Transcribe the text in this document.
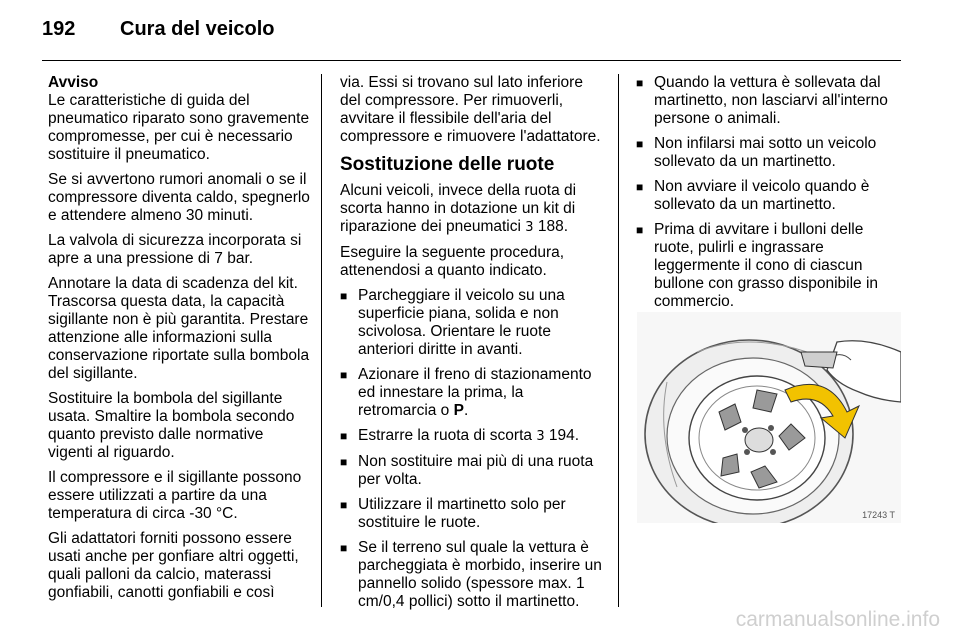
192	Cura del veicolo
Avviso

Le caratteristiche di guida del pneumatico riparato sono gravemente compromesse, per cui è necessario sostituire il pneumatico.

Se si avvertono rumori anomali o se il compressore diventa caldo, spegnerlo e attendere almeno 30 minuti.

La valvola di sicurezza incorporata si apre a una pressione di 7 bar.

Annotare la data di scadenza del kit. Trascorsa questa data, la capacità sigillante non è più garantita. Prestare attenzione alle informazioni sulla conservazione riportate sulla bombola del sigillante.

Sostituire la bombola del sigillante usata. Smaltire la bombola secondo quanto previsto dalle normative vigenti al riguardo.

Il compressore e il sigillante possono essere utilizzati a partire da una temperatura di circa -30 °C.

Gli adattatori forniti possono essere usati anche per gonfiare altri oggetti, quali palloni da calcio, materassi gonfiabili, canotti gonfiabili e così

via. Essi si trovano sul lato inferiore del compressore. Per rimuoverli, avvitare il flessibile dell'aria del compressore e rimuovere l'adattatore.

Sostituzione delle ruote

Alcuni veicoli, invece della ruota di scorta hanno in dotazione un kit di riparazione dei pneumatici 3 188.

Eseguire la seguente procedura, attenendosi a quanto indicato.

■ Parcheggiare il veicolo su una superficie piana, solida e non scivolosa. Orientare le ruote anteriori diritte in avanti.
■ Azionare il freno di stazionamento ed innestare la prima, la retromarcia o P.
■ Estrarre la ruota di scorta 3 194.
■ Non sostituire mai più di una ruota per volta.
■ Utilizzare il martinetto solo per sostituire le ruote.
■ Se il terreno sul quale la vettura è parcheggiata è morbido, inserire un pannello solido (spessore max. 1 cm/0,4 pollici) sotto il martinetto.
■ Quando la vettura è sollevata dal martinetto, non lasciarvi all'interno persone o animali.
■ Non infilarsi mai sotto un veicolo sollevato da un martinetto.
■ Non avviare il veicolo quando è sollevato da un martinetto.
■ Prima di avvitare i bulloni delle ruote, pulirli e ingrassare leggermente il cono di ciascun bullone con grasso disponibile in commercio.
17243 T
carmanualsonline.info
